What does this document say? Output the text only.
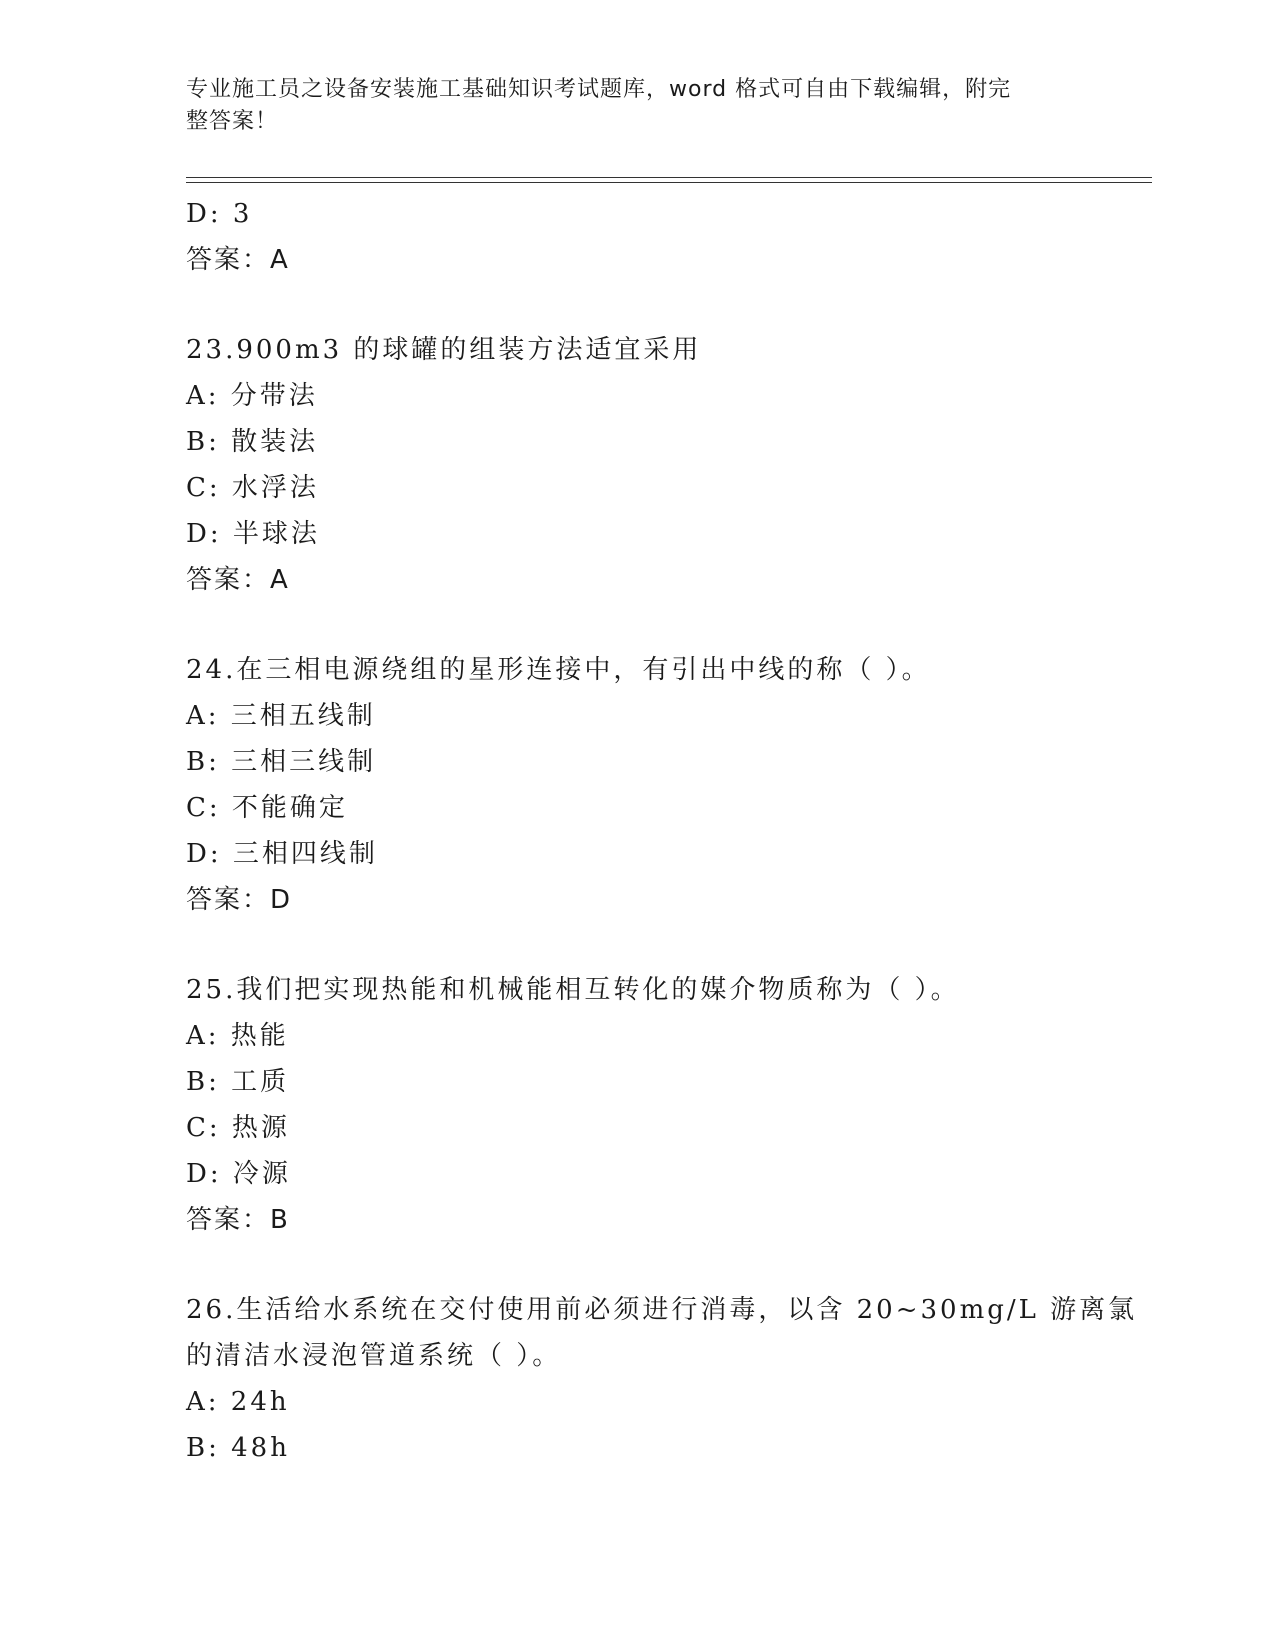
专业施工员之设备安装施工基础知识考试题库，word 格式可自由下载编辑，附完
整答案！
D: 3
答案：A
23.900m3 的球罐的组装方法适宜采用
A: 分带法
B: 散装法
C: 水浮法
D: 半球法
答案：A
24.在三相电源绕组的星形连接中，有引出中线的称（ ）。
A: 三相五线制
B: 三相三线制
C: 不能确定
D: 三相四线制
答案：D
25.我们把实现热能和机械能相互转化的媒介物质称为（ ）。
A: 热能
B: 工质
C: 热源
D: 冷源
答案：B
26.生活给水系统在交付使用前必须进行消毒，以含 20~30mg/L 游离氯
的清洁水浸泡管道系统（ ）。
A: 24h
B: 48h
